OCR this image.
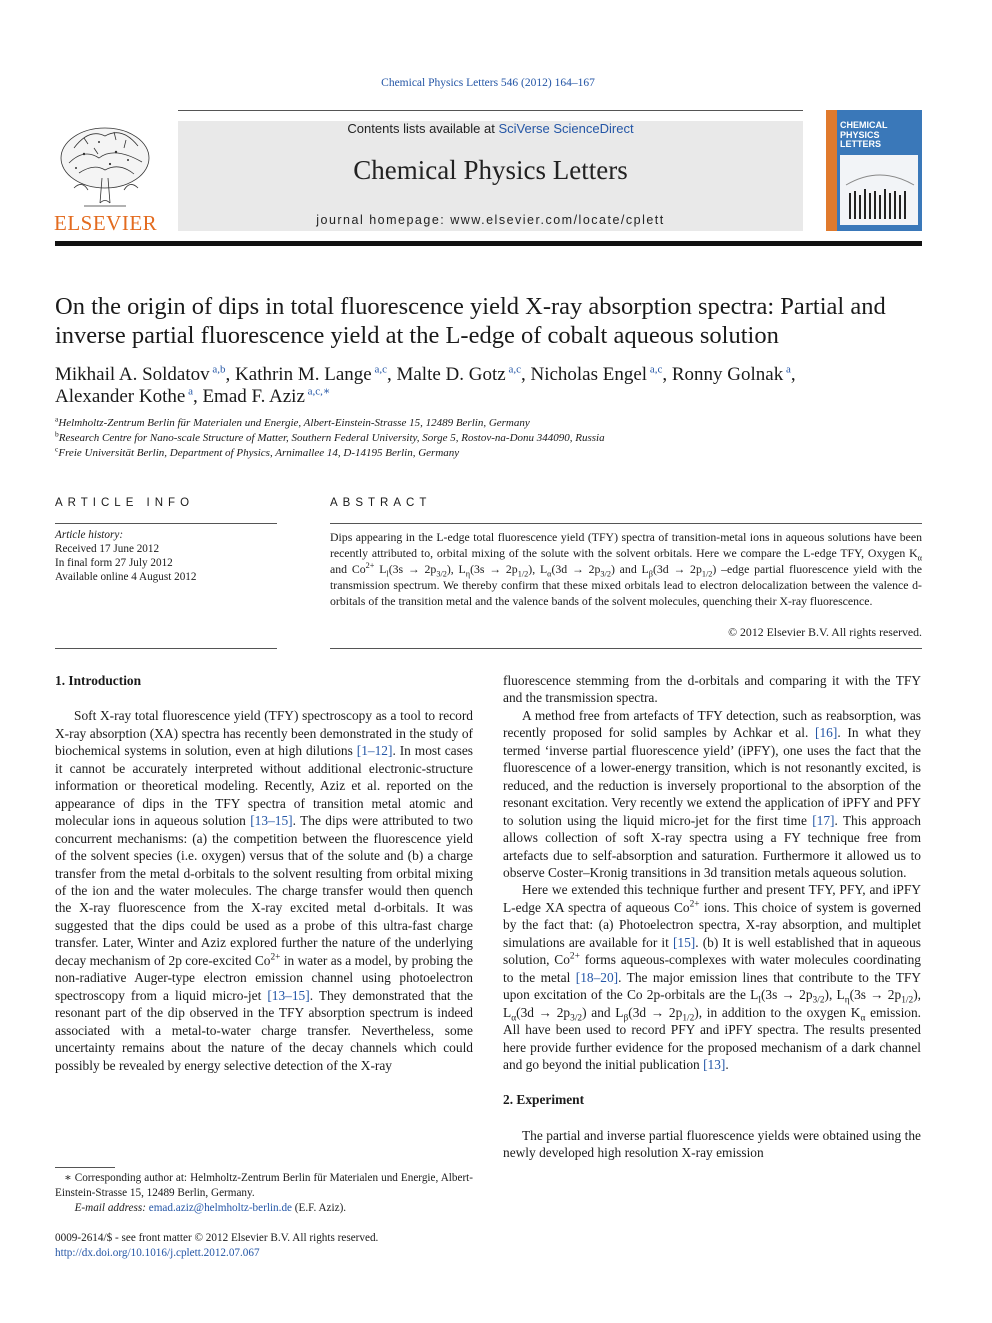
Chemical Physics Letters 546 (2012) 164–167
ELSEVIER
Contents lists available at SciVerse ScienceDirect
Chemical Physics Letters
journal homepage: www.elsevier.com/locate/cplett
CHEMICAL
PHYSICS
LETTERS
On the origin of dips in total fluorescence yield X-ray absorption spectra: Partial and inverse partial fluorescence yield at the L-edge of cobalt aqueous solution
Mikhail A. Soldatov $^{a,b}$, Kathrin M. Lange $^{a,c}$, Malte D. Gotz $^{a,c}$, Nicholas Engel $^{a,c}$, Ronny Golnak $^a$,
Alexander Kothe $^a$, Emad F. Aziz $^{a,c,∗}$
$^a$Helmholtz-Zentrum Berlin für Materialen und Energie, Albert-Einstein-Strasse 15, 12489 Berlin, Germany
$^b$Research Centre for Nano-scale Structure of Matter, Southern Federal University, Sorge 5, Rostov-na-Donu 344090, Russia
$^c$Freie Universität Berlin, Department of Physics, Arnimallee 14, D-14195 Berlin, Germany
ARTICLE INFO	ABSTRACT
Article history:
Received 17 June 2012
In final form 27 July 2012
Available online 4 August 2012
Dips appearing in the L-edge total fluorescence yield (TFY) spectra of transition-metal ions in aqueous solutions have been recently attributed to, orbital mixing of the solute with the solvent orbitals. Here we compare the L-edge TFY, Oxygen $K_\alpha$ and $Co^{2+}$ $L_l(3s \to 2p_{3/2})$, $L_\eta(3s \to 2p_{1/2})$, $L_\alpha(3d \to 2p_{3/2})$ and $L_\beta(3d \to 2p_{1/2})$ –edge partial fluorescence yield with the transmission spectrum. We thereby confirm that these mixed orbitals lead to electron delocalization between the valence d-orbitals of the transition metal and the valence bands of the solvent molecules, quenching their X-ray fluorescence.
© 2012 Elsevier B.V. All rights reserved.
1. Introduction

Soft X-ray total fluorescence yield (TFY) spectroscopy as a tool to record X-ray absorption (XA) spectra has recently been demonstrated in the study of biochemical systems in solution, even at high dilutions [1–12]. In most cases it cannot be accurately interpreted without additional electronic-structure information or theoretical modeling. Recently, Aziz et al. reported on the appearance of dips in the TFY spectra of transition metal atomic and molecular ions in aqueous solution [13–15]. The dips were attributed to two concurrent mechanisms: (a) the competition between the fluorescence yield of the solvent species (i.e. oxygen) versus that of the solute and (b) a charge transfer from the metal d-orbitals to the solvent resulting from orbital mixing of the ion and the water molecules. The charge transfer would then quench the X-ray fluorescence from the X-ray excited metal d-orbitals. It was suggested that the dips could be used as a probe of this ultra-fast charge transfer. Later, Winter and Aziz explored further the nature of the underlying decay mechanism of 2p core-excited $Co^{2+}$ in water as a model, by probing the non-radiative Auger-type electron emission channel using photoelectron spectroscopy from a liquid micro-jet [13–15]. They demonstrated that the resonant part of the dip observed in the TFY absorption spectrum is indeed associated with a metal-to-water charge transfer. Nevertheless, some uncertainty remains about the nature of the decay channels which could possibly be revealed by energy selective detection of the X-ray

fluorescence stemming from the d-orbitals and comparing it with the TFY and the transmission spectra.

A method free from artefacts of TFY detection, such as reabsorption, was recently proposed for solid samples by Achkar et al. [16]. In what they termed ‘inverse partial fluorescence yield’ (iPFY), one uses the fact that the fluorescence of a lower-energy transition, which is not resonantly excited, is reduced, and the reduction is inversely proportional to the absorption of the resonant excitation. Very recently we extend the application of iPFY and PFY to solution using the liquid micro-jet for the first time [17]. This approach allows collection of soft X-ray spectra using a FY technique free from artefacts due to self-absorption and saturation. Furthermore it allowed us to observe Coster–Kronig transitions in 3d transition metals aqueous solution.

Here we extended this technique further and present TFY, PFY, and iPFY L-edge XA spectra of aqueous $Co^{2+}$ ions. This choice of system is governed by the fact that: (a) Photoelectron spectra, X-ray absorption, and multiplet simulations are available for it [15]. (b) It is well established that in aqueous solution, $Co^{2+}$ forms aqueous-complexes with water molecules coordinating to the metal [18–20]. The major emission lines that contribute to the TFY upon excitation of the Co 2p-orbitals are the $L_l(3s \to 2p_{3/2})$, $L_\eta(3s \to 2p_{1/2})$, $L_\alpha(3d \to 2p_{3/2})$ and $L_\beta(3d \to 2p_{1/2})$, in addition to the oxygen $K_\alpha$ emission. All have been used to record PFY and iPFY spectra. The results presented here provide further evidence for the proposed mechanism of a dark channel and go beyond the initial publication [13].

2. Experiment

The partial and inverse partial fluorescence yields were obtained using the newly developed high resolution X-ray emission

∗ Corresponding author at: Helmholtz-Zentrum Berlin für Materialen und Energie, Albert-Einstein-Strasse 15, 12489 Berlin, Germany.
E-mail address: emad.aziz@helmholtz-berlin.de (E.F. Aziz).
0009-2614/$ - see front matter © 2012 Elsevier B.V. All rights reserved.
http://dx.doi.org/10.1016/j.cplett.2012.07.067
